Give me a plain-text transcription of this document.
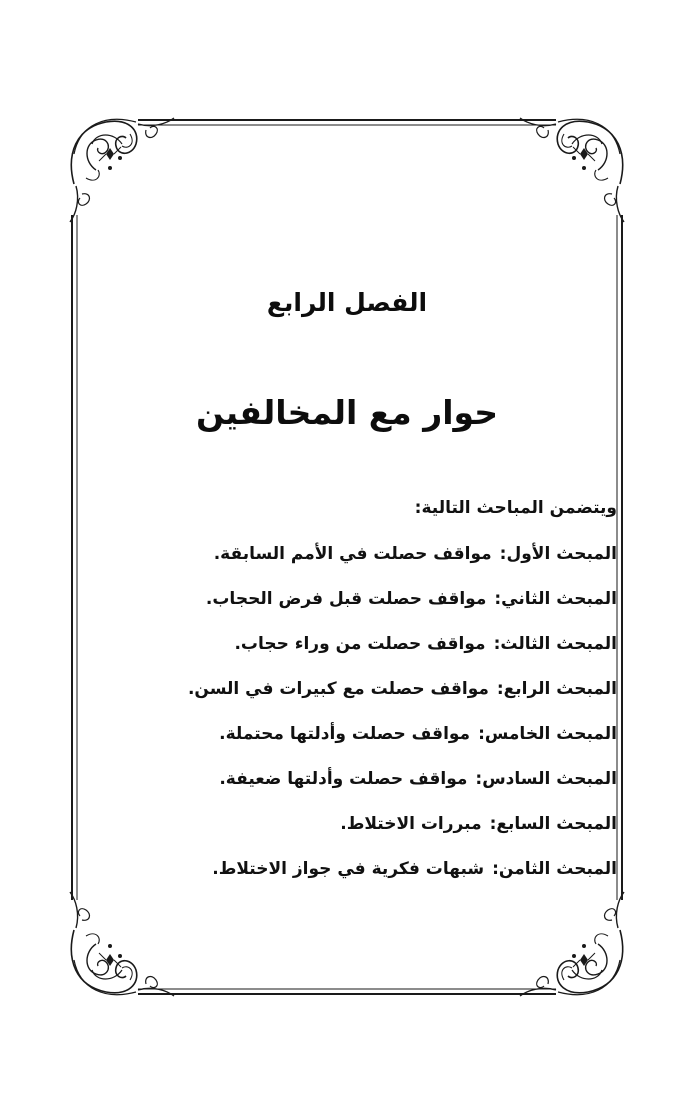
الفصل الرابع
حوار مع المخالفين
ويتضمن المباحث التالية:
المبحث الأول:مواقف حصلت في الأمم السابقة.
المبحث الثاني:مواقف حصلت قبل فرض الحجاب.
المبحث الثالث:مواقف حصلت من وراء حجاب.
المبحث الرابع:مواقف حصلت مع كبيرات في السن.
المبحث الخامس:مواقف حصلت وأدلتها محتملة.
المبحث السادس:مواقف حصلت وأدلتها ضعيفة.
المبحث السابع:مبررات الاختلاط.
المبحث الثامن:شبهات فكرية في جواز الاختلاط.
